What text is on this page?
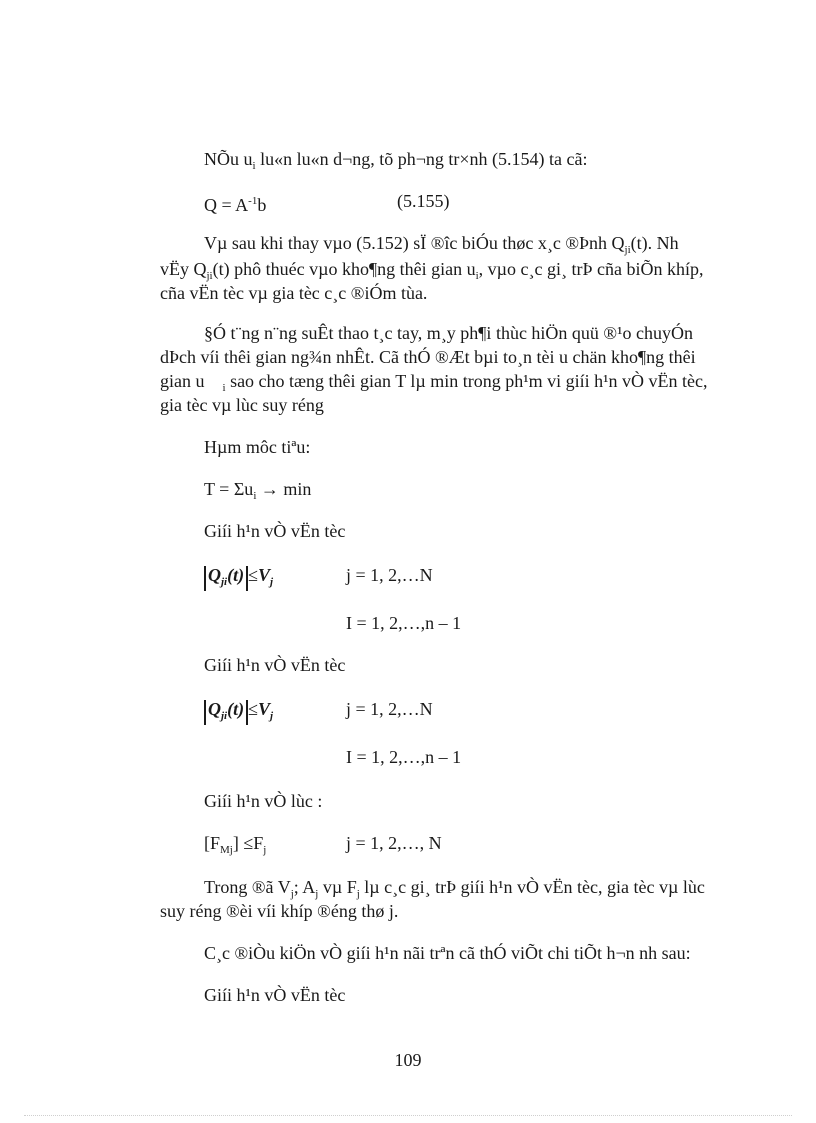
NÕu $u_i$ lu«n lu«n d¬ng, tõ ph¬ng tr×nh (5.154) ta cã:
$Q = A^{-1}b$	(5.155)
Vµ sau khi thay vµo (5.152) sÏ ®îc biÓu thøc x¸c ®Þnh $Q_{ji}(t)$. Nh
vËy $Q_{ji}(t)$ phô thuéc vµo kho¶ng thêi gian $u_i$, vµo c¸c gi¸ trÞ cña biÕn khíp,
cña vËn tèc vµ gia tèc c¸c ®iÓm tùa.
§Ó t¨ng n¨ng suÊt thao t¸c tay, m¸y ph¶i thùc hiÖn quü ®¹o chuyÓn
dÞch víi thêi gian ng¾n nhÊt. Cã thÓ ®Æt bµi to¸n tèi u chän kho¶ng thêi
gian u $_i$ sao cho tæng thêi gian T lµ min trong ph¹m vi giíi h¹n vÒ vËn tèc,
gia tèc vµ lùc suy réng
Hµm môc tiªu:
$T = \Sigma u_i \to \min$
Giíi h¹n vÒ vËn tèc
$Q_{ji}(t) \le V_j$	j = 1, 2,…N
I = 1, 2,…,n – 1
Giíi h¹n vÒ vËn tèc
$Q_{ji}(t) \le V_j$	j = 1, 2,…N
I = 1, 2,…,n – 1
Giíi h¹n vÒ lùc :
$[F_{Mj}] \le F_j$	j = 1, 2,…, N
Trong ®ã $V_j$; $A_j$ vµ $F_j$ lµ c¸c gi¸ trÞ giíi h¹n vÒ vËn tèc, gia tèc vµ lùc
suy réng ®èi víi khíp ®éng thø j.
C¸c ®iÒu kiÖn vÒ giíi h¹n nãi trªn cã thÓ viÕt chi tiÕt h¬n nh sau:
Giíi h¹n vÒ vËn tèc
109
